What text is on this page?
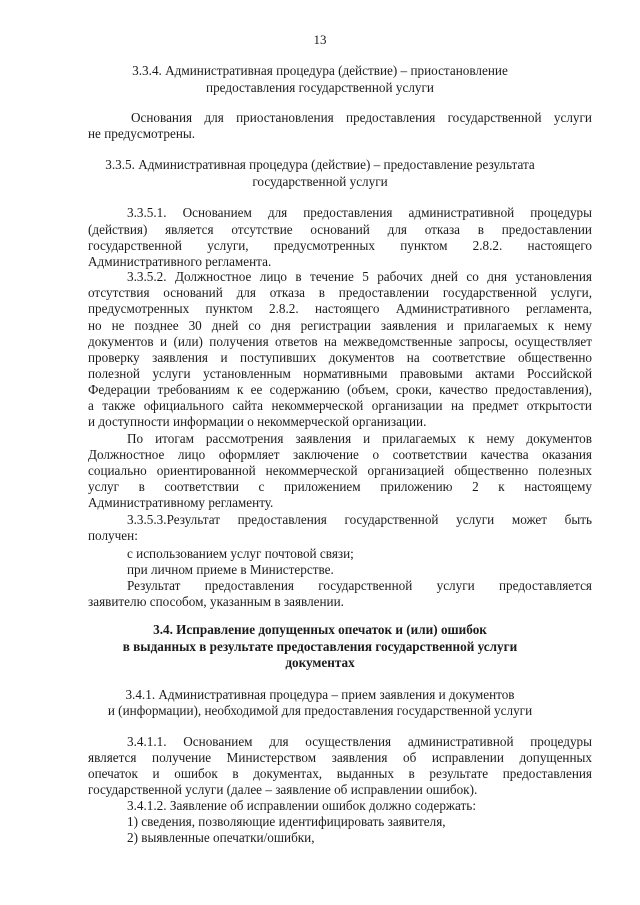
13
3.3.4. Административная процедура (действие) – приостановление
предоставления государственной услуги
Основания для приостановления предоставления государственной услуги
не предусмотрены.
3.3.5. Административная процедура (действие) – предоставление результата
государственной услуги
3.3.5.1. Основанием для предоставления административной процедуры
(действия) является отсутствие оснований для отказа в предоставлении
государственной услуги, предусмотренных пунктом 2.8.2. настоящего
Административного регламента.
3.3.5.2. Должностное лицо в течение 5 рабочих дней со дня установления
отсутствия оснований для отказа в предоставлении государственной услуги,
предусмотренных пунктом 2.8.2. настоящего Административного регламента,
но не позднее 30 дней со дня регистрации заявления и прилагаемых к нему
документов и (или) получения ответов на межведомственные запросы, осуществляет
проверку заявления и поступивших документов на соответствие общественно
полезной услуги установленным нормативными правовыми актами Российской
Федерации требованиям к ее содержанию (объем, сроки, качество предоставления),
а также официального сайта некоммерческой организации на предмет открытости
и доступности информации о некоммерческой организации.
По итогам рассмотрения заявления и прилагаемых к нему документов
Должностное лицо оформляет заключение о соответствии качества оказания
социально ориентированной некоммерческой организацией общественно полезных
услуг в соответствии с приложением приложению 2 к настоящему
Административному регламенту.
3.3.5.3.Результат предоставления государственной услуги может быть
получен:
с использованием услуг почтовой связи;
при личном приеме в Министерстве.
Результат предоставления государственной услуги предоставляется
заявителю способом, указанным в заявлении.
3.4. Исправление допущенных опечаток и (или) ошибок
в выданных в результате предоставления государственной услуги
документах
3.4.1. Административная процедура – прием заявления и документов
и (информации), необходимой для предоставления государственной услуги
3.4.1.1. Основанием для осуществления административной процедуры
является получение Министерством заявления об исправлении допущенных
опечаток и ошибок в документах, выданных в результате предоставления
государственной услуги (далее – заявление об исправлении ошибок).
3.4.1.2. Заявление об исправлении ошибок должно содержать:
1) сведения, позволяющие идентифицировать заявителя,
2) выявленные опечатки/ошибки,
